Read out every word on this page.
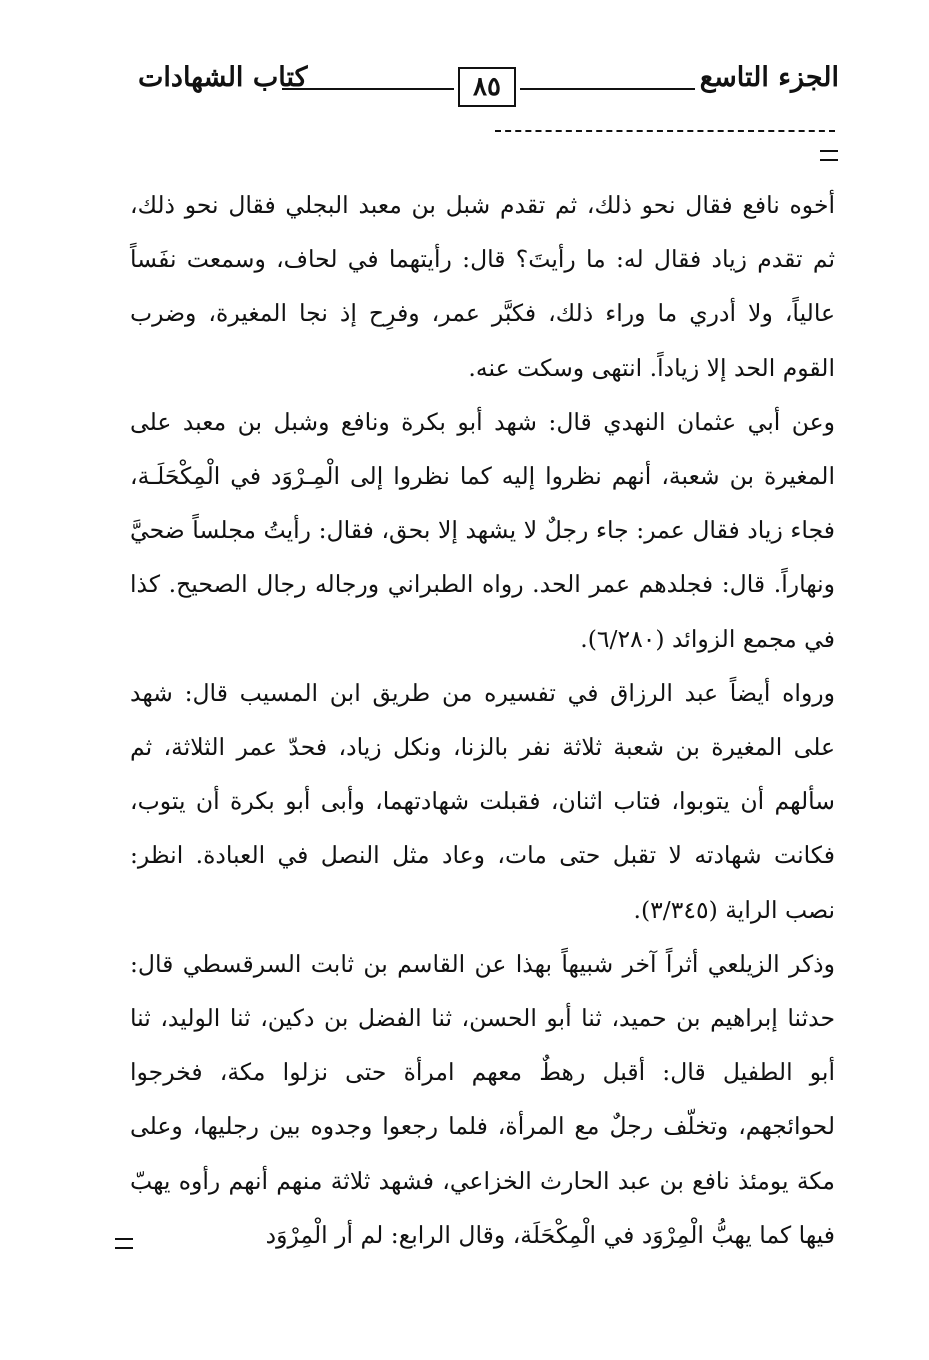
الجزء التاسع
٨٥
كتاب الشهادات

أخوه نافع فقال نحو ذلك، ثم تقدم شبل بن معبد البجلي فقال نحو ذلك، ثم تقدم زياد فقال له: ما رأيتَ؟ قال: رأيتهما في لحاف، وسمعت نفَساً عالياً، ولا أدري ما وراء ذلك، فكبَّر عمر، وفرِح إذ نجا المغيرة، وضرب القوم الحد إلا زياداً. انتهى وسكت عنه.

وعن أبي عثمان النهدي قال: شهد أبو بكرة ونافع وشبل بن معبد على المغيرة بن شعبة، أنهم نظروا إليه كما نظروا إلى الْمِـرْوَد في الْمِكْحَلَـة، فجاء زياد فقال عمر: جاء رجلٌ لا يشهد إلا بحق، فقال: رأيتُ مجلساً ضحيَّ ونهاراً. قال: فجلدهم عمر الحد. رواه الطبراني ورجاله رجال الصحيح. كذا في مجمع الزوائد (٦/٢٨٠).

ورواه أيضاً عبد الرزاق في تفسيره من طريق ابن المسيب قال: شهد على المغيرة بن شعبة ثلاثة نفر بالزنا، ونكل زياد، فحدّ عمر الثلاثة، ثم سألهم أن يتوبوا، فتاب اثنان، فقبلت شهادتهما، وأبى أبو بكرة أن يتوب، فكانت شهادته لا تقبل حتى مات، وعاد مثل النصل في العبادة. انظر: نصب الراية (٣/٣٤٥).

وذكر الزيلعي أثراً آخر شبيهاً بهذا عن القاسم بن ثابت السرقسطي قال: حدثنا إبراهيم بن حميد، ثنا أبو الحسن، ثنا الفضل بن دكين، ثنا الوليد، ثنا أبو الطفيل قال: أقبل رهطٌ معهم امرأة حتى نزلوا مكة، فخرجوا لحوائجهم، وتخلّف رجلٌ مع المرأة، فلما رجعوا وجدوه بين رجليها، وعلى مكة يومئذ نافع بن عبد الحارث الخزاعي، فشهد ثلاثة منهم أنهم رأوه يهبّ فيها كما يهبُّ الْمِرْوَد في الْمِكْحَلَة، وقال الرابع: لم أر الْمِرْوَد
